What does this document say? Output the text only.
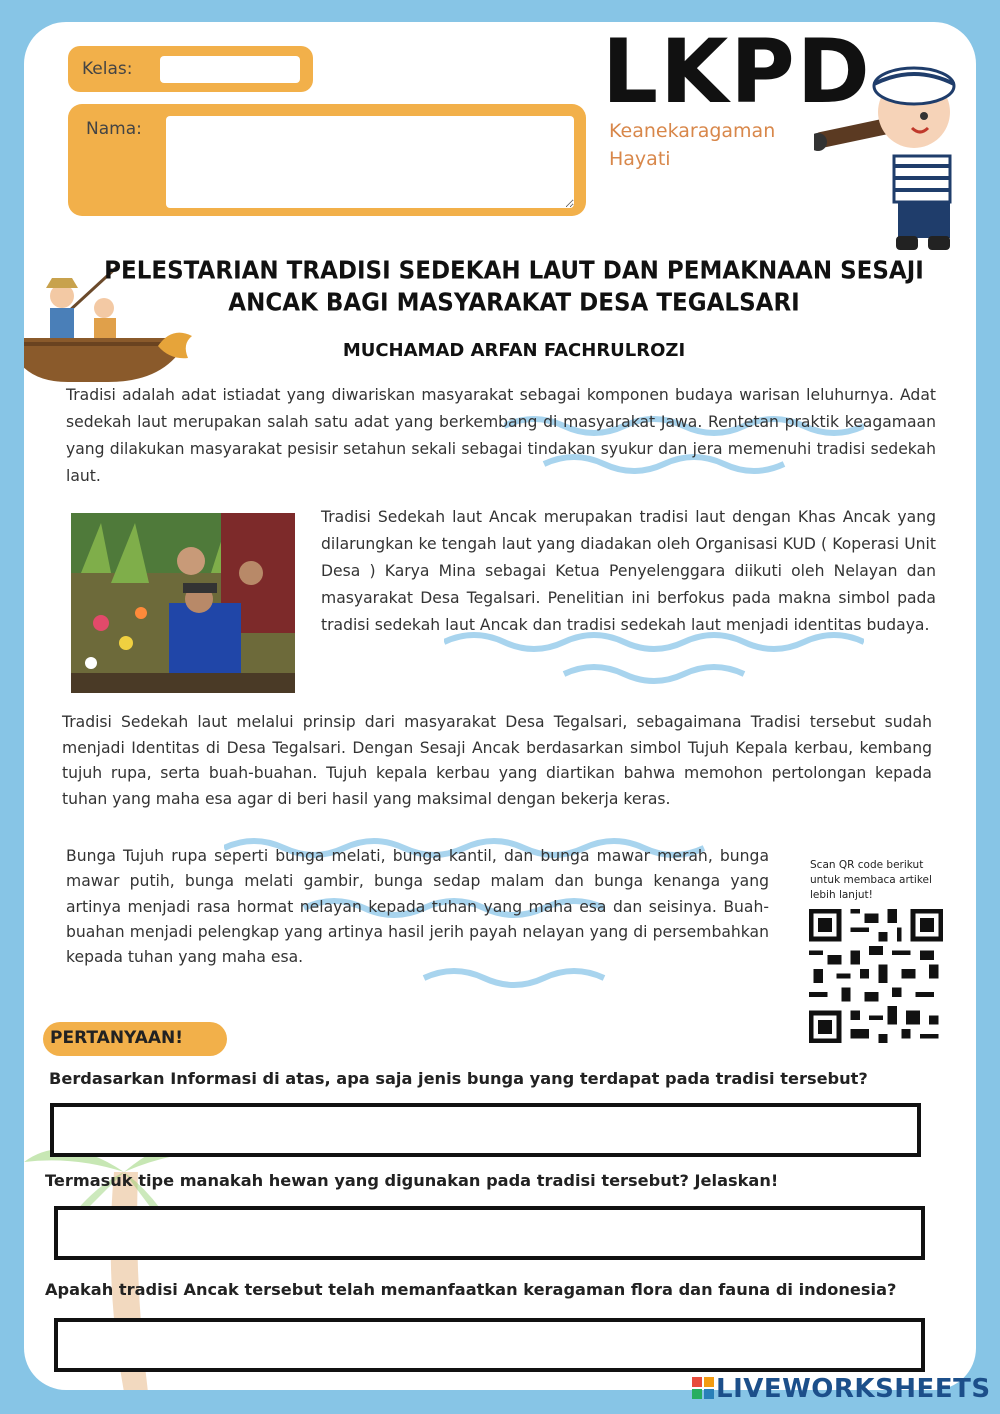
Kelas:
Nama:
LKPD
Keanekaragaman Hayati
PELESTARIAN TRADISI SEDEKAH LAUT DAN PEMAKNAAN SESAJI ANCAK BAGI MASYARAKAT DESA TEGALSARI
MUCHAMAD ARFAN FACHRULROZI
Tradisi adalah adat istiadat yang diwariskan masyarakat sebagai komponen budaya warisan leluhurnya. Adat sedekah laut merupakan salah satu adat yang berkembang di masyarakat Jawa. Rentetan praktik keagamaan yang dilakukan masyarakat pesisir setahun sekali sebagai tindakan syukur dan jera memenuhi tradisi sedekah laut.
Tradisi Sedekah laut Ancak merupakan tradisi laut dengan Khas Ancak yang dilarungkan ke tengah laut yang diadakan oleh Organisasi KUD ( Koperasi Unit Desa ) Karya Mina sebagai Ketua Penyelenggara diikuti oleh Nelayan dan masyarakat Desa Tegalsari. Penelitian ini berfokus pada makna simbol pada tradisi sedekah laut Ancak dan tradisi sedekah laut menjadi identitas budaya.
Tradisi Sedekah laut melalui prinsip dari masyarakat Desa Tegalsari, sebagaimana Tradisi tersebut sudah menjadi Identitas di Desa Tegalsari. Dengan Sesaji Ancak berdasarkan simbol Tujuh Kepala kerbau, kembang tujuh rupa, serta buah-buahan. Tujuh kepala kerbau yang diartikan bahwa memohon pertolongan kepada tuhan yang maha esa agar di beri hasil yang maksimal dengan bekerja keras.
Bunga Tujuh rupa seperti bunga melati, bunga kantil, dan bunga mawar merah, bunga mawar putih, bunga melati gambir, bunga sedap malam dan bunga kenanga yang artinya menjadi rasa hormat nelayan kepada tuhan yang maha esa dan seisinya. Buah-buahan menjadi pelengkap yang artinya hasil jerih payah nelayan yang di persembahkan kepada tuhan yang maha esa.
Scan QR code berikut untuk membaca artikel lebih lanjut!
PERTANYAAN!
Berdasarkan Informasi di atas, apa saja jenis bunga yang terdapat pada tradisi tersebut?
Termasuk tipe manakah hewan yang digunakan pada tradisi tersebut? Jelaskan!
Apakah tradisi Ancak tersebut telah memanfaatkan keragaman flora dan fauna di indonesia?
LIVEWORKSHEETS
